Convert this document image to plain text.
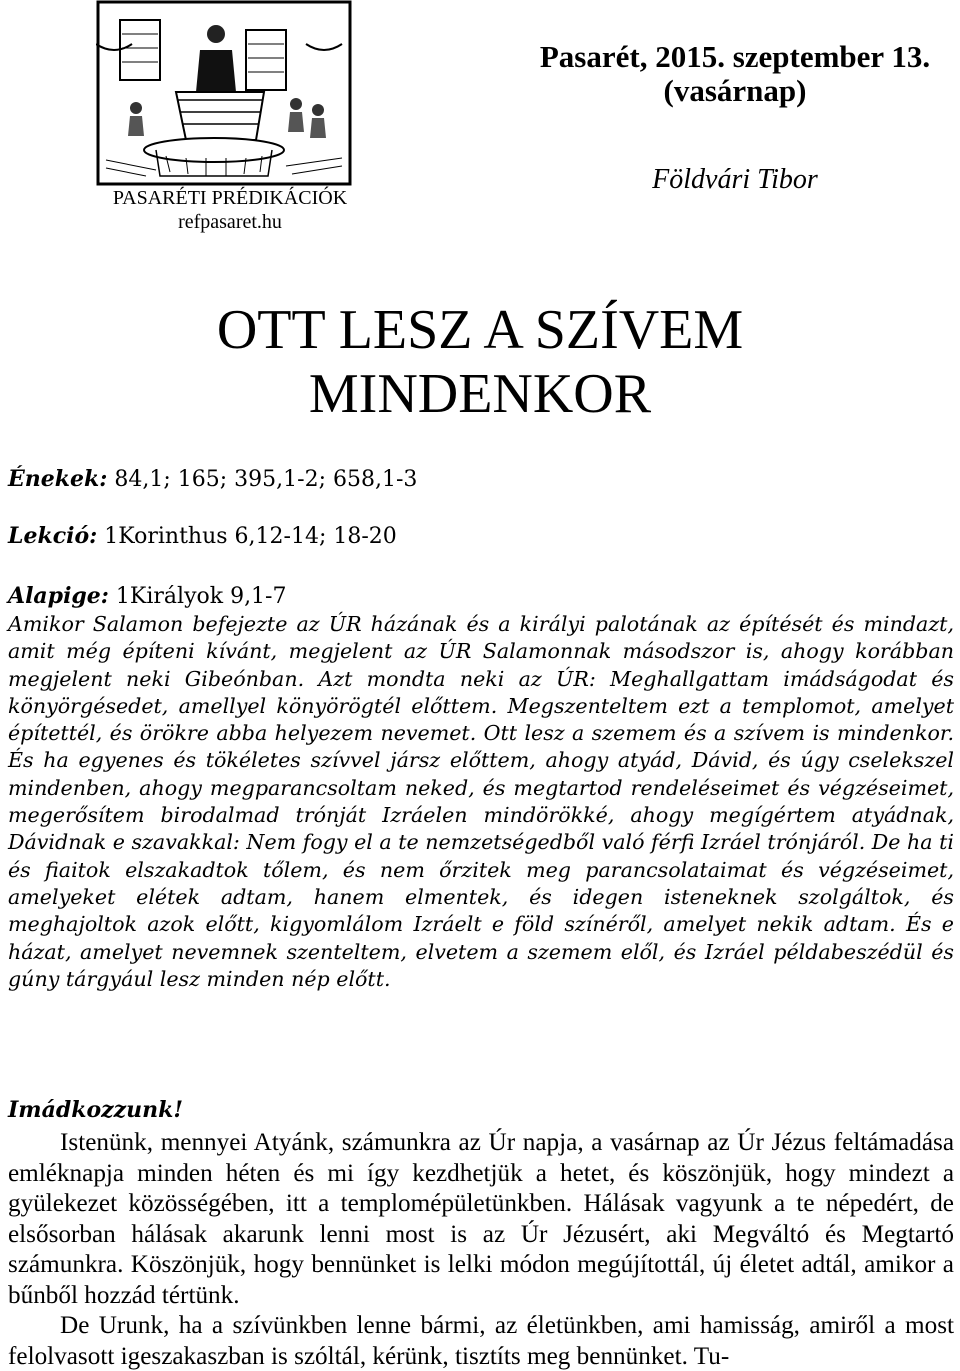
PASARÉTI PRÉDIKÁCIÓK
refpasaret.hu
Pasarét, 2015. szeptember 13.
(vasárnap)
Földvári Tibor
OTT LESZ A SZÍVEM
MINDENKOR
Énekek: 84,1; 165; 395,1-2; 658,1-3
Lekció: 1Korinthus 6,12-14; 18-20
Alapige: 1Királyok 9,1-7
Amikor Salamon befejezte az ÚR házának és a királyi palotának az építését és mindazt, amit még építeni kívánt, megjelent az ÚR Salamonnak másodszor is, ahogy korábban megjelent neki Gibeónban. Azt mondta neki az ÚR: Meghallgattam imádságodat és könyörgésedet, amellyel könyörögtél előttem. Megszenteltem ezt a templomot, amelyet építettél, és örökre abba helyezem nevemet. Ott lesz a szemem és a szívem is mindenkor. És ha egyenes és tökéletes szívvel jársz előttem, ahogy atyád, Dávid, és úgy cselekszel mindenben, ahogy megparancsoltam neked, és megtartod rendeléseimet és végzéseimet, megerősítem birodalmad trónját Izráelen mindörökké, ahogy megígértem atyádnak, Dávidnak e szavakkal: Nem fogy el a te nemzetségedből való férfi Izráel trónjáról. De ha ti és fiaitok elszakadtok tőlem, és nem őrzitek meg parancsolataimat és végzéseimet, amelyeket elétek adtam, hanem elmentek, és idegen isteneknek szolgáltok, és meghajoltok azok előtt, kigyomlálom Izráelt e föld színéről, amelyet nekik adtam. És e házat, amelyet nevemnek szenteltem, elvetem a szemem elől, és Izráel példabeszédül és gúny tárgyául lesz minden nép előtt.
Imádkozzunk!

Istenünk, mennyei Atyánk, számunkra az Úr napja, a vasárnap az Úr Jézus feltámadása emléknapja minden héten és mi így kezdhetjük a hetet, és köszönjük, hogy mindezt a gyülekezet közösségében, itt a templomépületünkben. Hálásak vagyunk a te népedért, de elsősorban hálásak akarunk lenni most is az Úr Jézusért, aki Megváltó és Megtartó számunkra. Köszönjük, hogy bennünket is lelki módon megújítottál, új életet adtál, amikor a bűnből hozzád tértünk.

De Urunk, ha a szívünkben lenne bármi, az életünkben, ami hamisság, amiről a most felolvasott igeszakaszban is szóltál, kérünk, tisztíts meg bennünket. Tu-
